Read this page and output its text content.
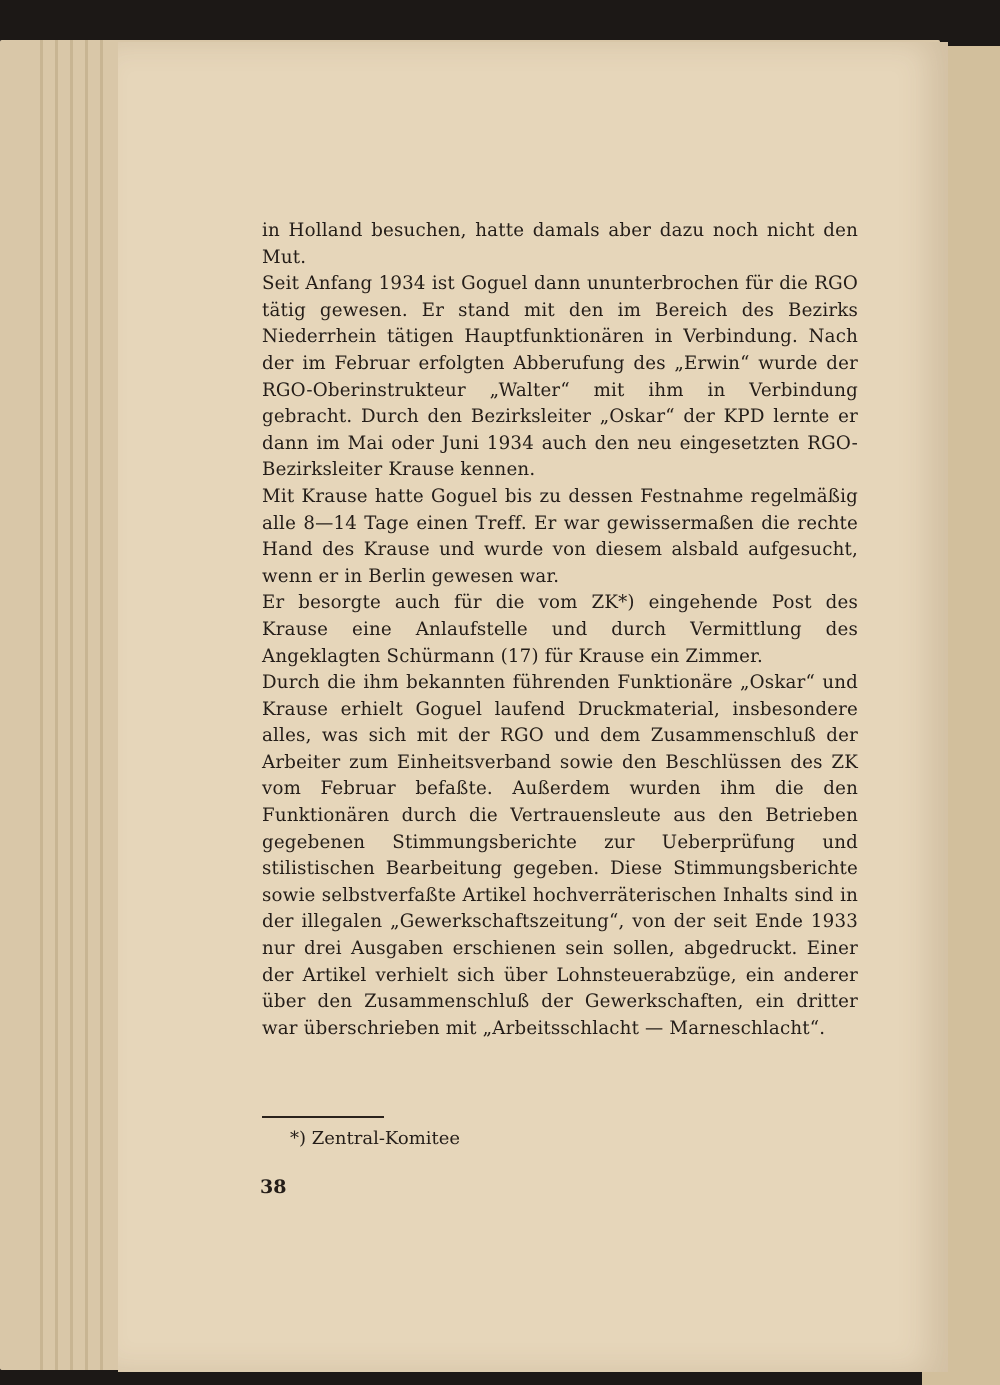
in Holland besuchen, hatte damals aber dazu noch nicht den Mut.

Seit Anfang 1934 ist Goguel dann ununterbrochen für die RGO tätig gewesen. Er stand mit den im Bereich des Bezirks Niederrhein tätigen Hauptfunktionären in Verbindung. Nach der im Februar erfolgten Abberufung des „Erwin“ wurde der RGO-Oberinstrukteur „Walter“ mit ihm in Verbindung gebracht. Durch den Bezirksleiter „Oskar“ der KPD lernte er dann im Mai oder Juni 1934 auch den neu eingesetzten RGO-Bezirksleiter Krause kennen.

Mit Krause hatte Goguel bis zu dessen Festnahme regelmäßig alle 8—14 Tage einen Treff. Er war gewissermaßen die rechte Hand des Krause und wurde von diesem alsbald aufgesucht, wenn er in Berlin gewesen war.

Er besorgte auch für die vom ZK*) eingehende Post des Krause eine Anlaufstelle und durch Vermittlung des Angeklagten Schürmann (17) für Krause ein Zimmer.

Durch die ihm bekannten führenden Funktionäre „Oskar“ und Krause erhielt Goguel laufend Druckmaterial, insbesondere alles, was sich mit der RGO und dem Zusammenschluß der Arbeiter zum Einheitsverband sowie den Beschlüssen des ZK vom Februar befaßte. Außerdem wurden ihm die den Funktionären durch die Vertrauensleute aus den Betrieben gegebenen Stimmungsberichte zur Ueberprüfung und stilistischen Bearbeitung gegeben. Diese Stimmungsberichte sowie selbstverfaßte Artikel hochverräterischen Inhalts sind in der illegalen „Gewerkschaftszeitung“, von der seit Ende 1933 nur drei Ausgaben erschienen sein sollen, abgedruckt. Einer der Artikel verhielt sich über Lohnsteuerabzüge, ein anderer über den Zusammenschluß der Gewerkschaften, ein dritter war überschrieben mit „Arbeitsschlacht — Marneschlacht“.

*) Zentral-Komitee
38
